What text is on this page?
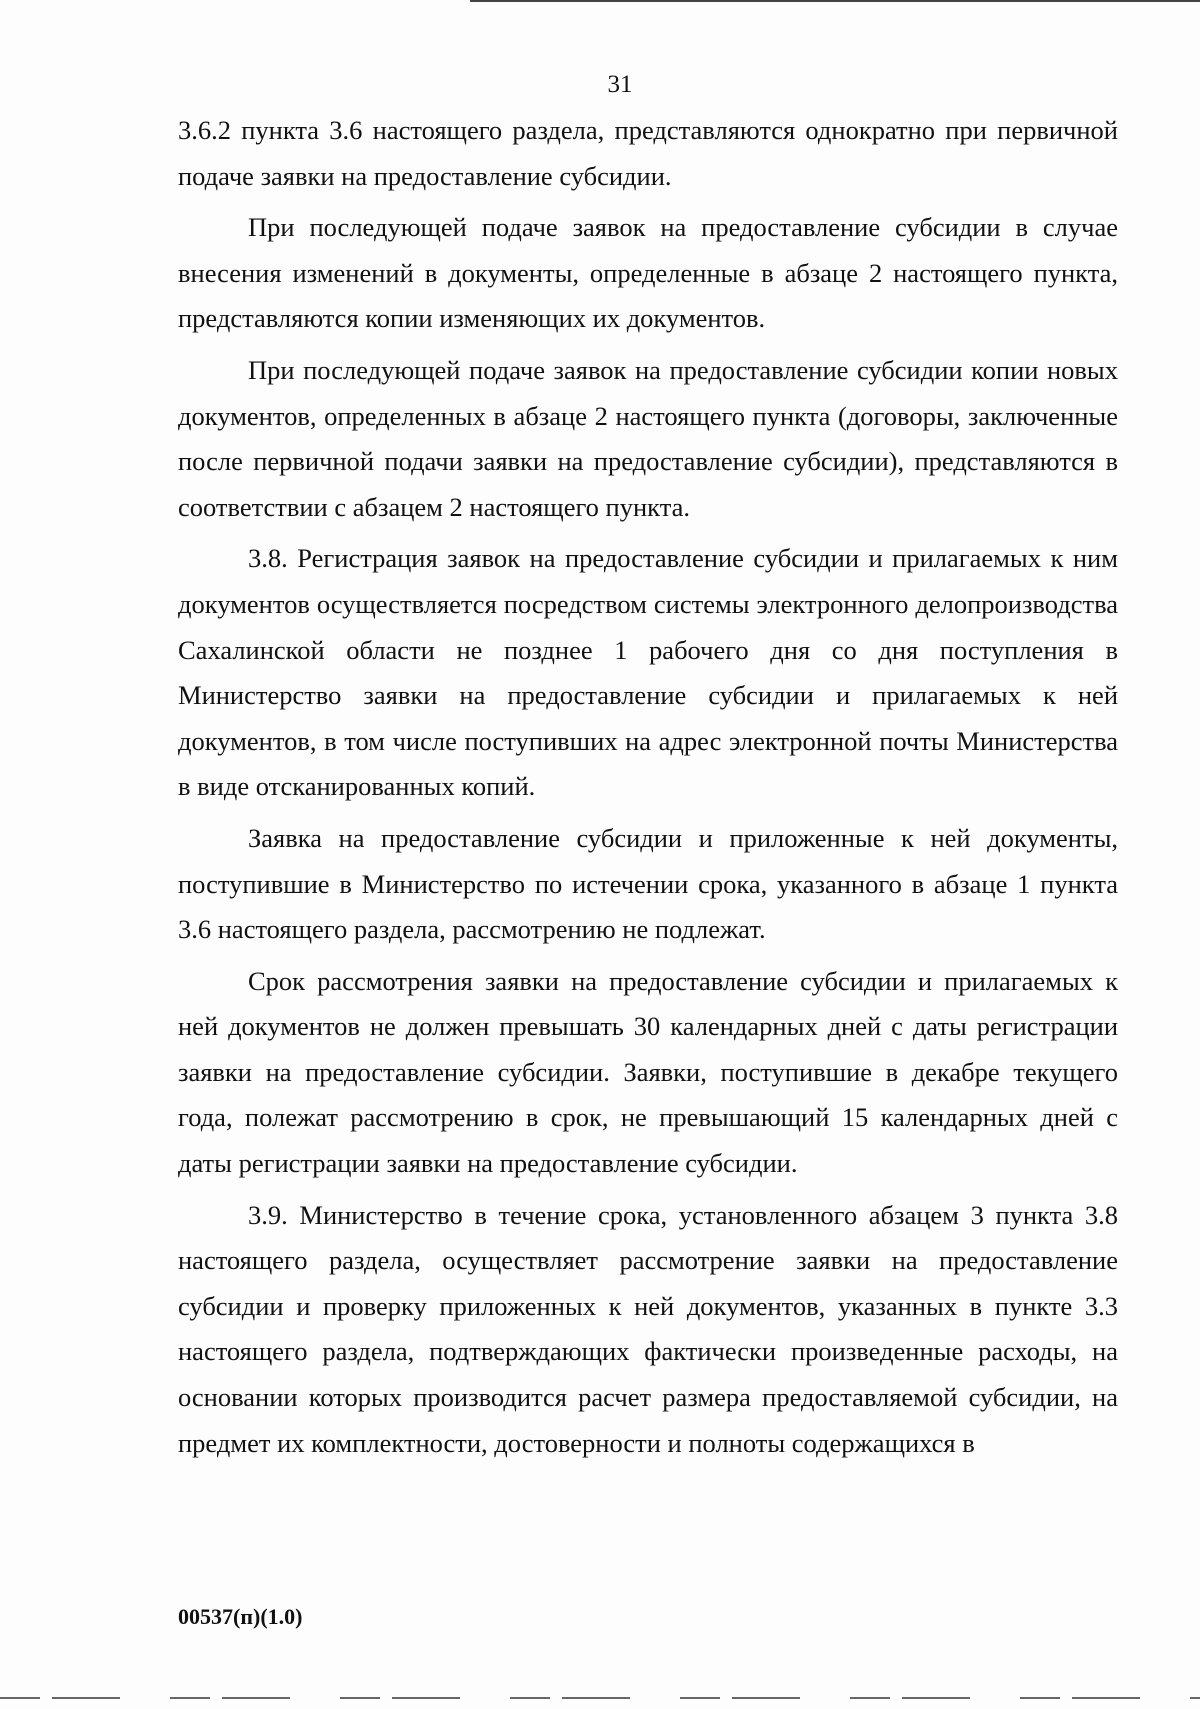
31

3.6.2 пункта 3.6 настоящего раздела, представляются однократно при первичной подаче заявки на предоставление субсидии.

При последующей подаче заявок на предоставление субсидии в случае внесения изменений в документы, определенные в абзаце 2 настоящего пункта, представляются копии изменяющих их документов.

При последующей подаче заявок на предоставление субсидии копии новых документов, определенных в абзаце 2 настоящего пункта (договоры, заключенные после первичной подачи заявки на предоставление субсидии), представляются в соответствии с абзацем 2 настоящего пункта.

3.8. Регистрация заявок на предоставление субсидии и прилагаемых к ним документов осуществляется посредством системы электронного делопроизводства Сахалинской области не позднее 1 рабочего дня со дня поступления в Министерство заявки на предоставление субсидии и прилагаемых к ней документов, в том числе поступивших на адрес электронной почты Министерства в виде отсканированных копий.

Заявка на предоставление субсидии и приложенные к ней документы, поступившие в Министерство по истечении срока, указанного в абзаце 1 пункта 3.6 настоящего раздела, рассмотрению не подлежат.

Срок рассмотрения заявки на предоставление субсидии и прилагаемых к ней документов не должен превышать 30 календарных дней с даты регистрации заявки на предоставление субсидии. Заявки, поступившие в декабре текущего года, полежат рассмотрению в срок, не превышающий 15 календарных дней с даты регистрации заявки на предоставление субсидии.

3.9. Министерство в течение срока, установленного абзацем 3 пункта 3.8 настоящего раздела, осуществляет рассмотрение заявки на предоставление субсидии и проверку приложенных к ней документов, указанных в пункте 3.3 настоящего раздела, подтверждающих фактически произведенные расходы, на основании которых производится расчет размера предоставляемой субсидии, на предмет их комплектности, достоверности и полноты содержащихся в

00537(п)(1.0)
